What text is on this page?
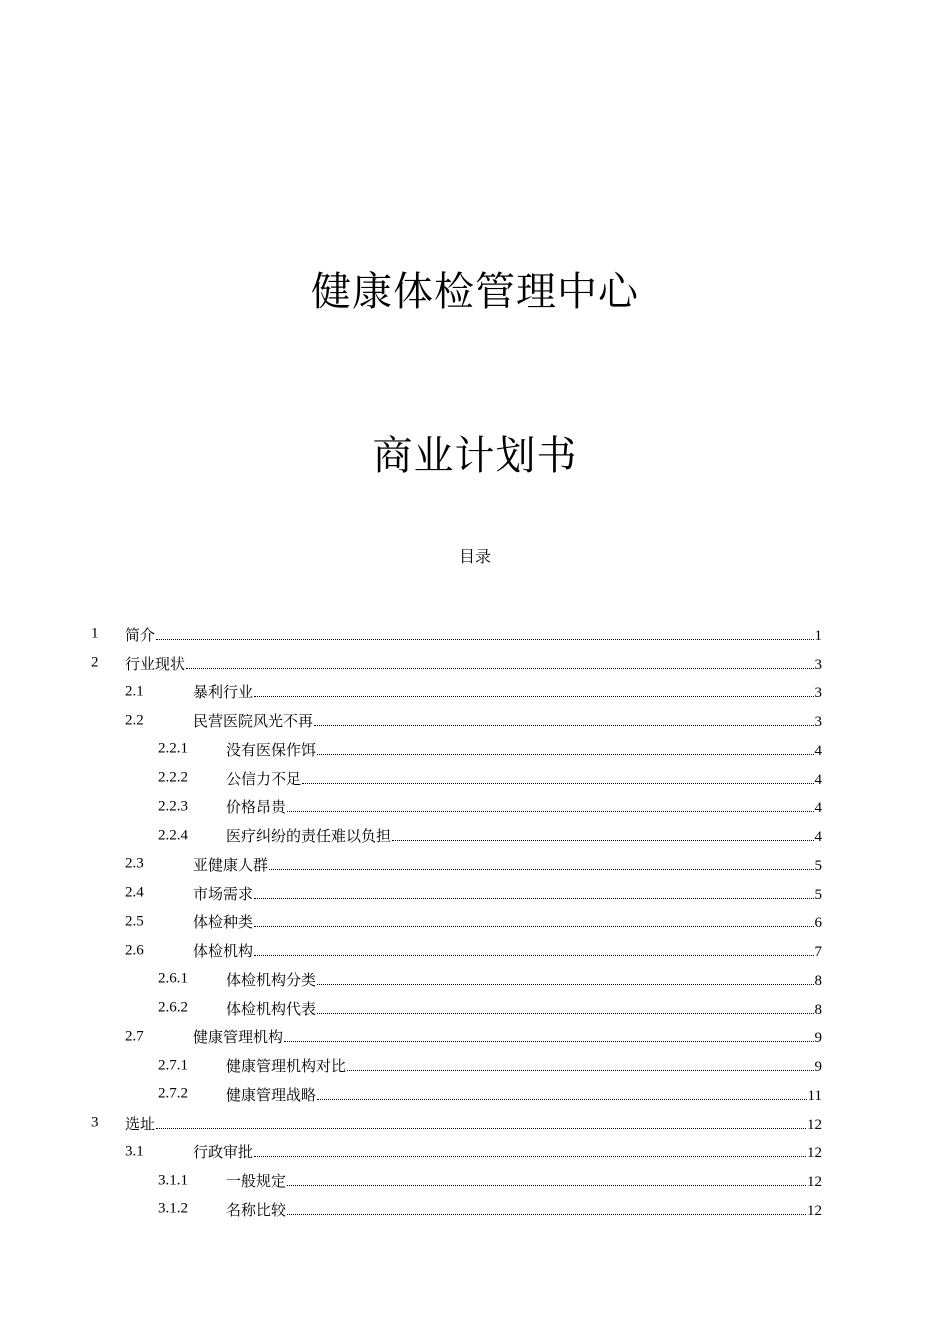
健康体检管理中心
商业计划书
目录
1 简介	1
2 行业现状	3
2.1	暴利行业	3
2.2	民营医院风光不再	3
2.2.1	没有医保作饵	4
2.2.2	公信力不足	4
2.2.3	价格昂贵	4
2.2.4	医疗纠纷的责任难以负担	4
2.3	亚健康人群	5
2.4	市场需求	5
2.5	体检种类	6
2.6	体检机构	7
2.6.1	体检机构分类	8
2.6.2	体检机构代表	8
2.7	健康管理机构	9
2.7.1	健康管理机构对比	9
2.7.2	健康管理战略	11
3 选址	12
3.1	行政审批	12
3.1.1	一般规定	12
3.1.2	名称比较	12
